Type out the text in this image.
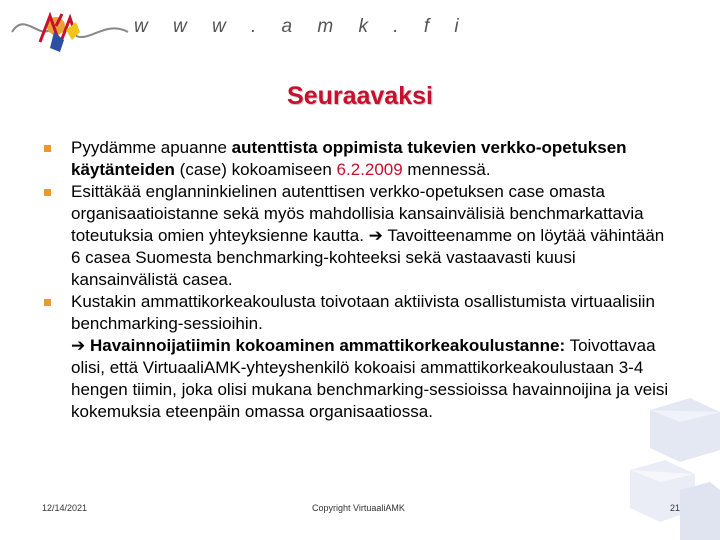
w w w . a m k . f i
Seuraavaksi
Pyydämme apuanne autenttista oppimista tukevien verkko-opetuksen käytänteiden (case) kokoamiseen 6.2.2009 mennessä.
Esittäkää englanninkielinen autenttisen verkko-opetuksen case omasta organisaatioistanne sekä myös mahdollisia kansainvälisiä benchmarkattavia toteutuksia omien yhteyksienne kautta. ➔ Tavoitteenamme on löytää vähintään 6 casea Suomesta benchmarking-kohteeksi sekä vastaavasti kuusi kansainvälistä casea.
Kustakin ammattikorkeakoulusta toivotaan aktiivista osallistumista virtuaalisiin benchmarking-sessioihin.
➔ Havainnoijatiimin kokoaminen ammattikorkeakoulustanne: Toivottavaa olisi, että VirtuaaliAMK-yhteyshenkilö kokoaisi ammattikorkeakoulustaan 3-4 hengen tiimin, joka olisi mukana benchmarking-sessioissa havainnoijina ja veisi kokemuksia eteenpäin omassa organisaatiossa.
12/14/2021	Copyright VirtuaaliAMK	21
